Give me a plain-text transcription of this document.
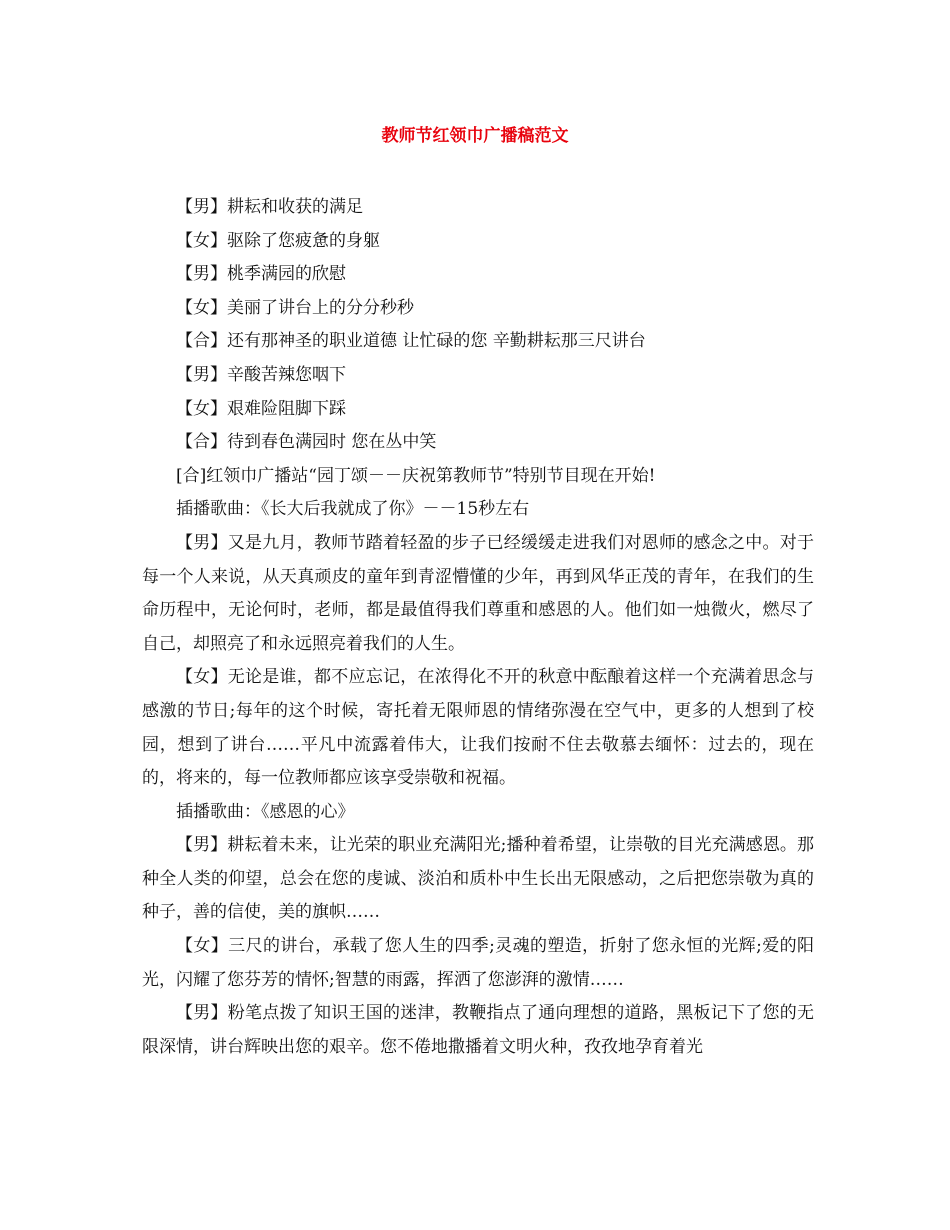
教师节红领巾广播稿范文

【男】耕耘和收获的满足

【女】驱除了您疲惫的身躯

【男】桃季满园的欣慰

【女】美丽了讲台上的分分秒秒

【合】还有那神圣的职业道德 让忙碌的您 辛勤耕耘那三尺讲台

【男】辛酸苦辣您咽下

【女】艰难险阻脚下踩

【合】待到春色满园时 您在丛中笑

[合]红领巾广播站“园丁颂－－庆祝第教师节”特别节目现在开始!

插播歌曲：《长大后我就成了你》－－15秒左右

【男】又是九月，教师节踏着轻盈的步子已经缓缓走进我们对恩师的感念之中。对于每一个人来说，从天真顽皮的童年到青涩懵懂的少年，再到风华正茂的青年，在我们的生命历程中，无论何时，老师，都是最值得我们尊重和感恩的人。他们如一烛微火，燃尽了自己，却照亮了和永远照亮着我们的人生。

【女】无论是谁，都不应忘记，在浓得化不开的秋意中酝酿着这样一个充满着思念与感激的节日;每年的这个时候，寄托着无限师恩的情绪弥漫在空气中，更多的人想到了校园，想到了讲台……平凡中流露着伟大，让我们按耐不住去敬慕去缅怀：过去的，现在的，将来的，每一位教师都应该享受崇敬和祝福。

插播歌曲：《感恩的心》

【男】耕耘着未来，让光荣的职业充满阳光;播种着希望，让崇敬的目光充满感恩。那种全人类的仰望，总会在您的虔诚、淡泊和质朴中生长出无限感动，之后把您崇敬为真的种子，善的信使，美的旗帜……

【女】三尺的讲台，承载了您人生的四季;灵魂的塑造，折射了您永恒的光辉;爱的阳光，闪耀了您芬芳的情怀;智慧的雨露，挥洒了您澎湃的激情……

【男】粉笔点拨了知识王国的迷津，教鞭指点了通向理想的道路，黑板记下了您的无限深情，讲台辉映出您的艰辛。您不倦地撒播着文明火种，孜孜地孕育着光
